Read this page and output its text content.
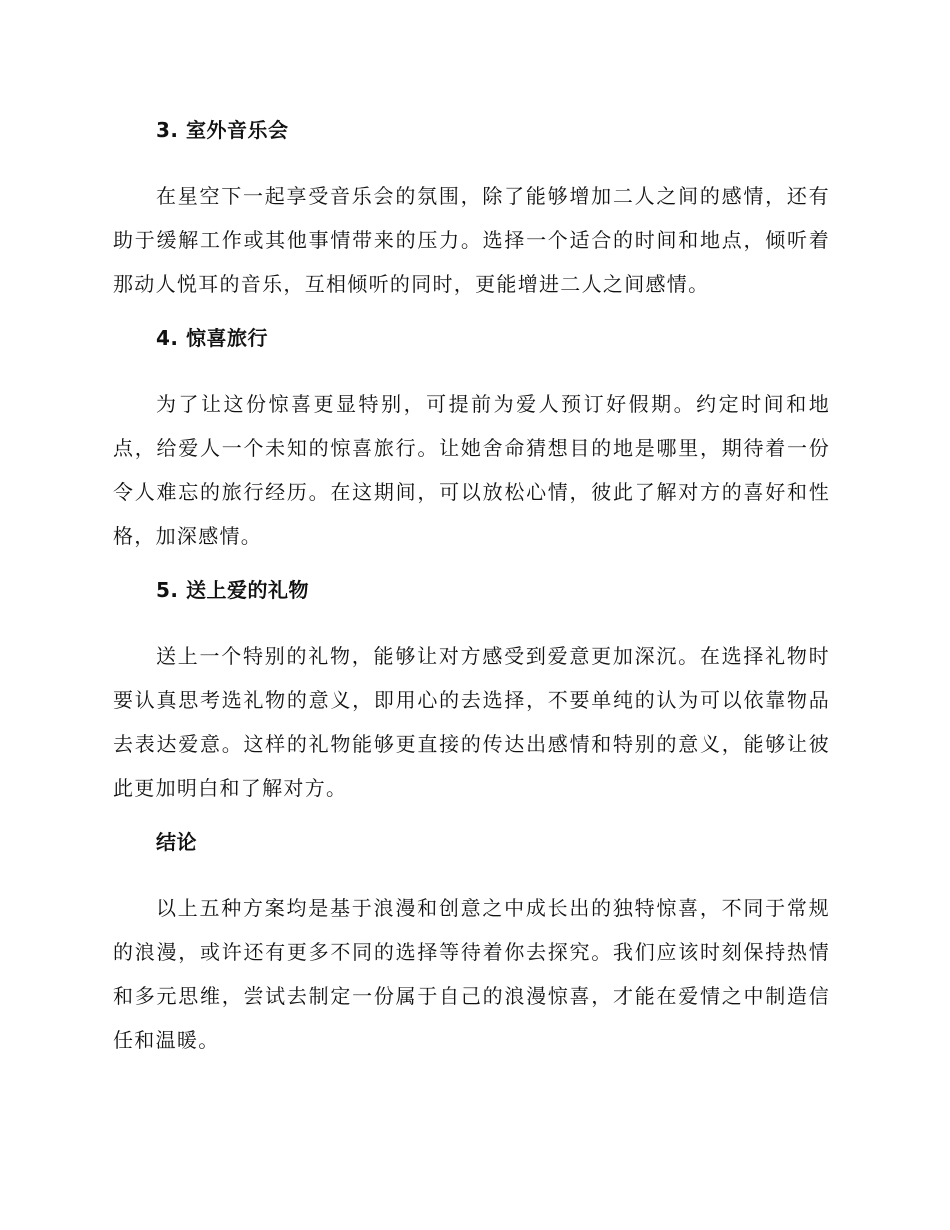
3. 室外音乐会

在星空下一起享受音乐会的氛围，除了能够增加二人之间的感情，还有助于缓解工作或其他事情带来的压力。选择一个适合的时间和地点，倾听着那动人悦耳的音乐，互相倾听的同时，更能增进二人之间感情。

4. 惊喜旅行

为了让这份惊喜更显特别，可提前为爱人预订好假期。约定时间和地点，给爱人一个未知的惊喜旅行。让她舍命猜想目的地是哪里，期待着一份令人难忘的旅行经历。在这期间，可以放松心情，彼此了解对方的喜好和性格，加深感情。

5. 送上爱的礼物

送上一个特别的礼物，能够让对方感受到爱意更加深沉。在选择礼物时要认真思考选礼物的意义，即用心的去选择，不要单纯的认为可以依靠物品去表达爱意。这样的礼物能够更直接的传达出感情和特别的意义，能够让彼此更加明白和了解对方。

结论

以上五种方案均是基于浪漫和创意之中成长出的独特惊喜，不同于常规的浪漫，或许还有更多不同的选择等待着你去探究。我们应该时刻保持热情和多元思维，尝试去制定一份属于自己的浪漫惊喜，才能在爱情之中制造信任和温暖。
